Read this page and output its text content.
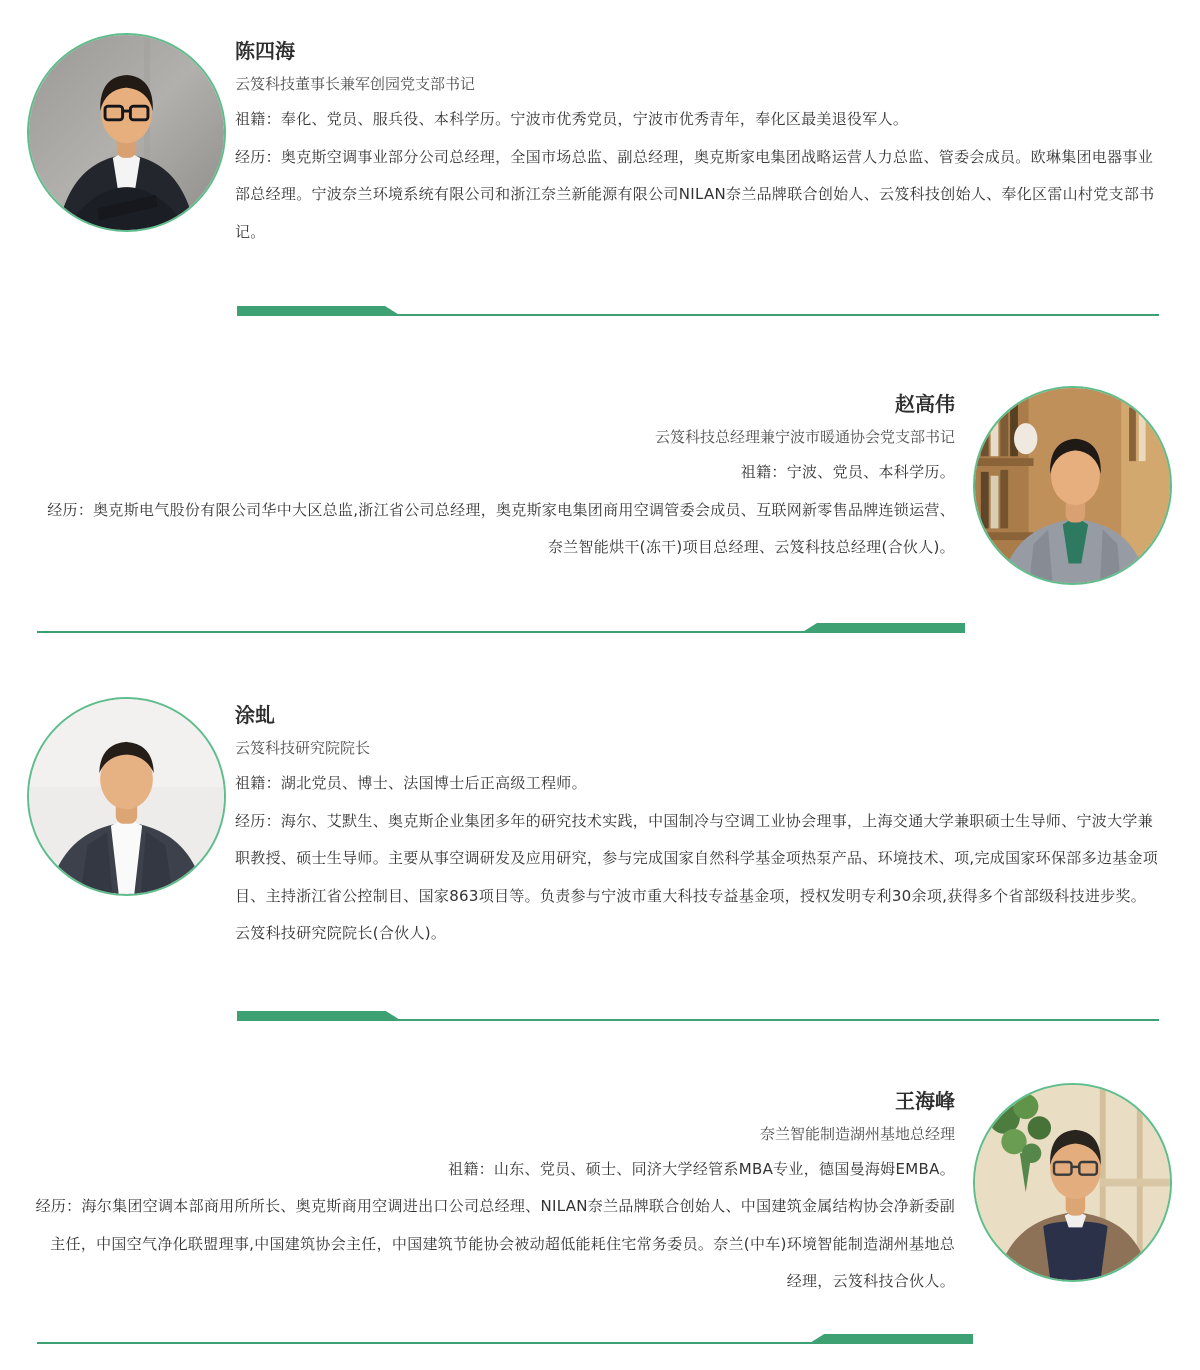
陈四海
云笈科技董事长兼军创园党支部书记

祖籍：奉化、党员、服兵役、本科学历。宁波市优秀党员，宁波市优秀青年，奉化区最美退役军人。

经历：奥克斯空调事业部分公司总经理，全国市场总监、副总经理，奥克斯家电集团战略运营人力总监、管委会成员。欧琳集团电器事业部总经理。宁波奈兰环境系统有限公司和浙江奈兰新能源有限公司NILAN奈兰品牌联合创始人、云笈科技创始人、奉化区雷山村党支部书记。

赵高伟
云笈科技总经理兼宁波市暖通协会党支部书记

祖籍：宁波、党员、本科学历。

经历：奥克斯电气股份有限公司华中大区总监,浙江省公司总经理，奥克斯家电集团商用空调管委会成员、互联网新零售品牌连锁运营、奈兰智能烘干(冻干)项目总经理、云笈科技总经理(合伙人)。

涂虬
云笈科技研究院院长

祖籍：湖北党员、博士、法国博士后正高级工程师。

经历：海尔、艾默生、奥克斯企业集团多年的研究技术实践，中国制冷与空调工业协会理事，上海交通大学兼职硕士生导师、宁波大学兼职教授、硕士生导师。主要从事空调研发及应用研究，参与完成国家自然科学基金项热泵产品、环境技术、项,完成国家环保部多边基金项目、主持浙江省公控制目、国家863项目等。负责参与宁波市重大科技专益基金项，授权发明专利30余项,获得多个省部级科技进步奖。云笈科技研究院院长(合伙人)。

王海峰
奈兰智能制造湖州基地总经理

祖籍：山东、党员、硕士、同济大学经管系MBA专业，德国曼海姆EMBA。

经历：海尔集团空调本部商用所所长、奥克斯商用空调进出口公司总经理、NILAN奈兰品牌联合创始人、中国建筑金属结构协会净新委副主任，中国空气净化联盟理事,中国建筑协会主任，中国建筑节能协会被动超低能耗住宅常务委员。奈兰(中车)环境智能制造湖州基地总经理，云笈科技合伙人。
